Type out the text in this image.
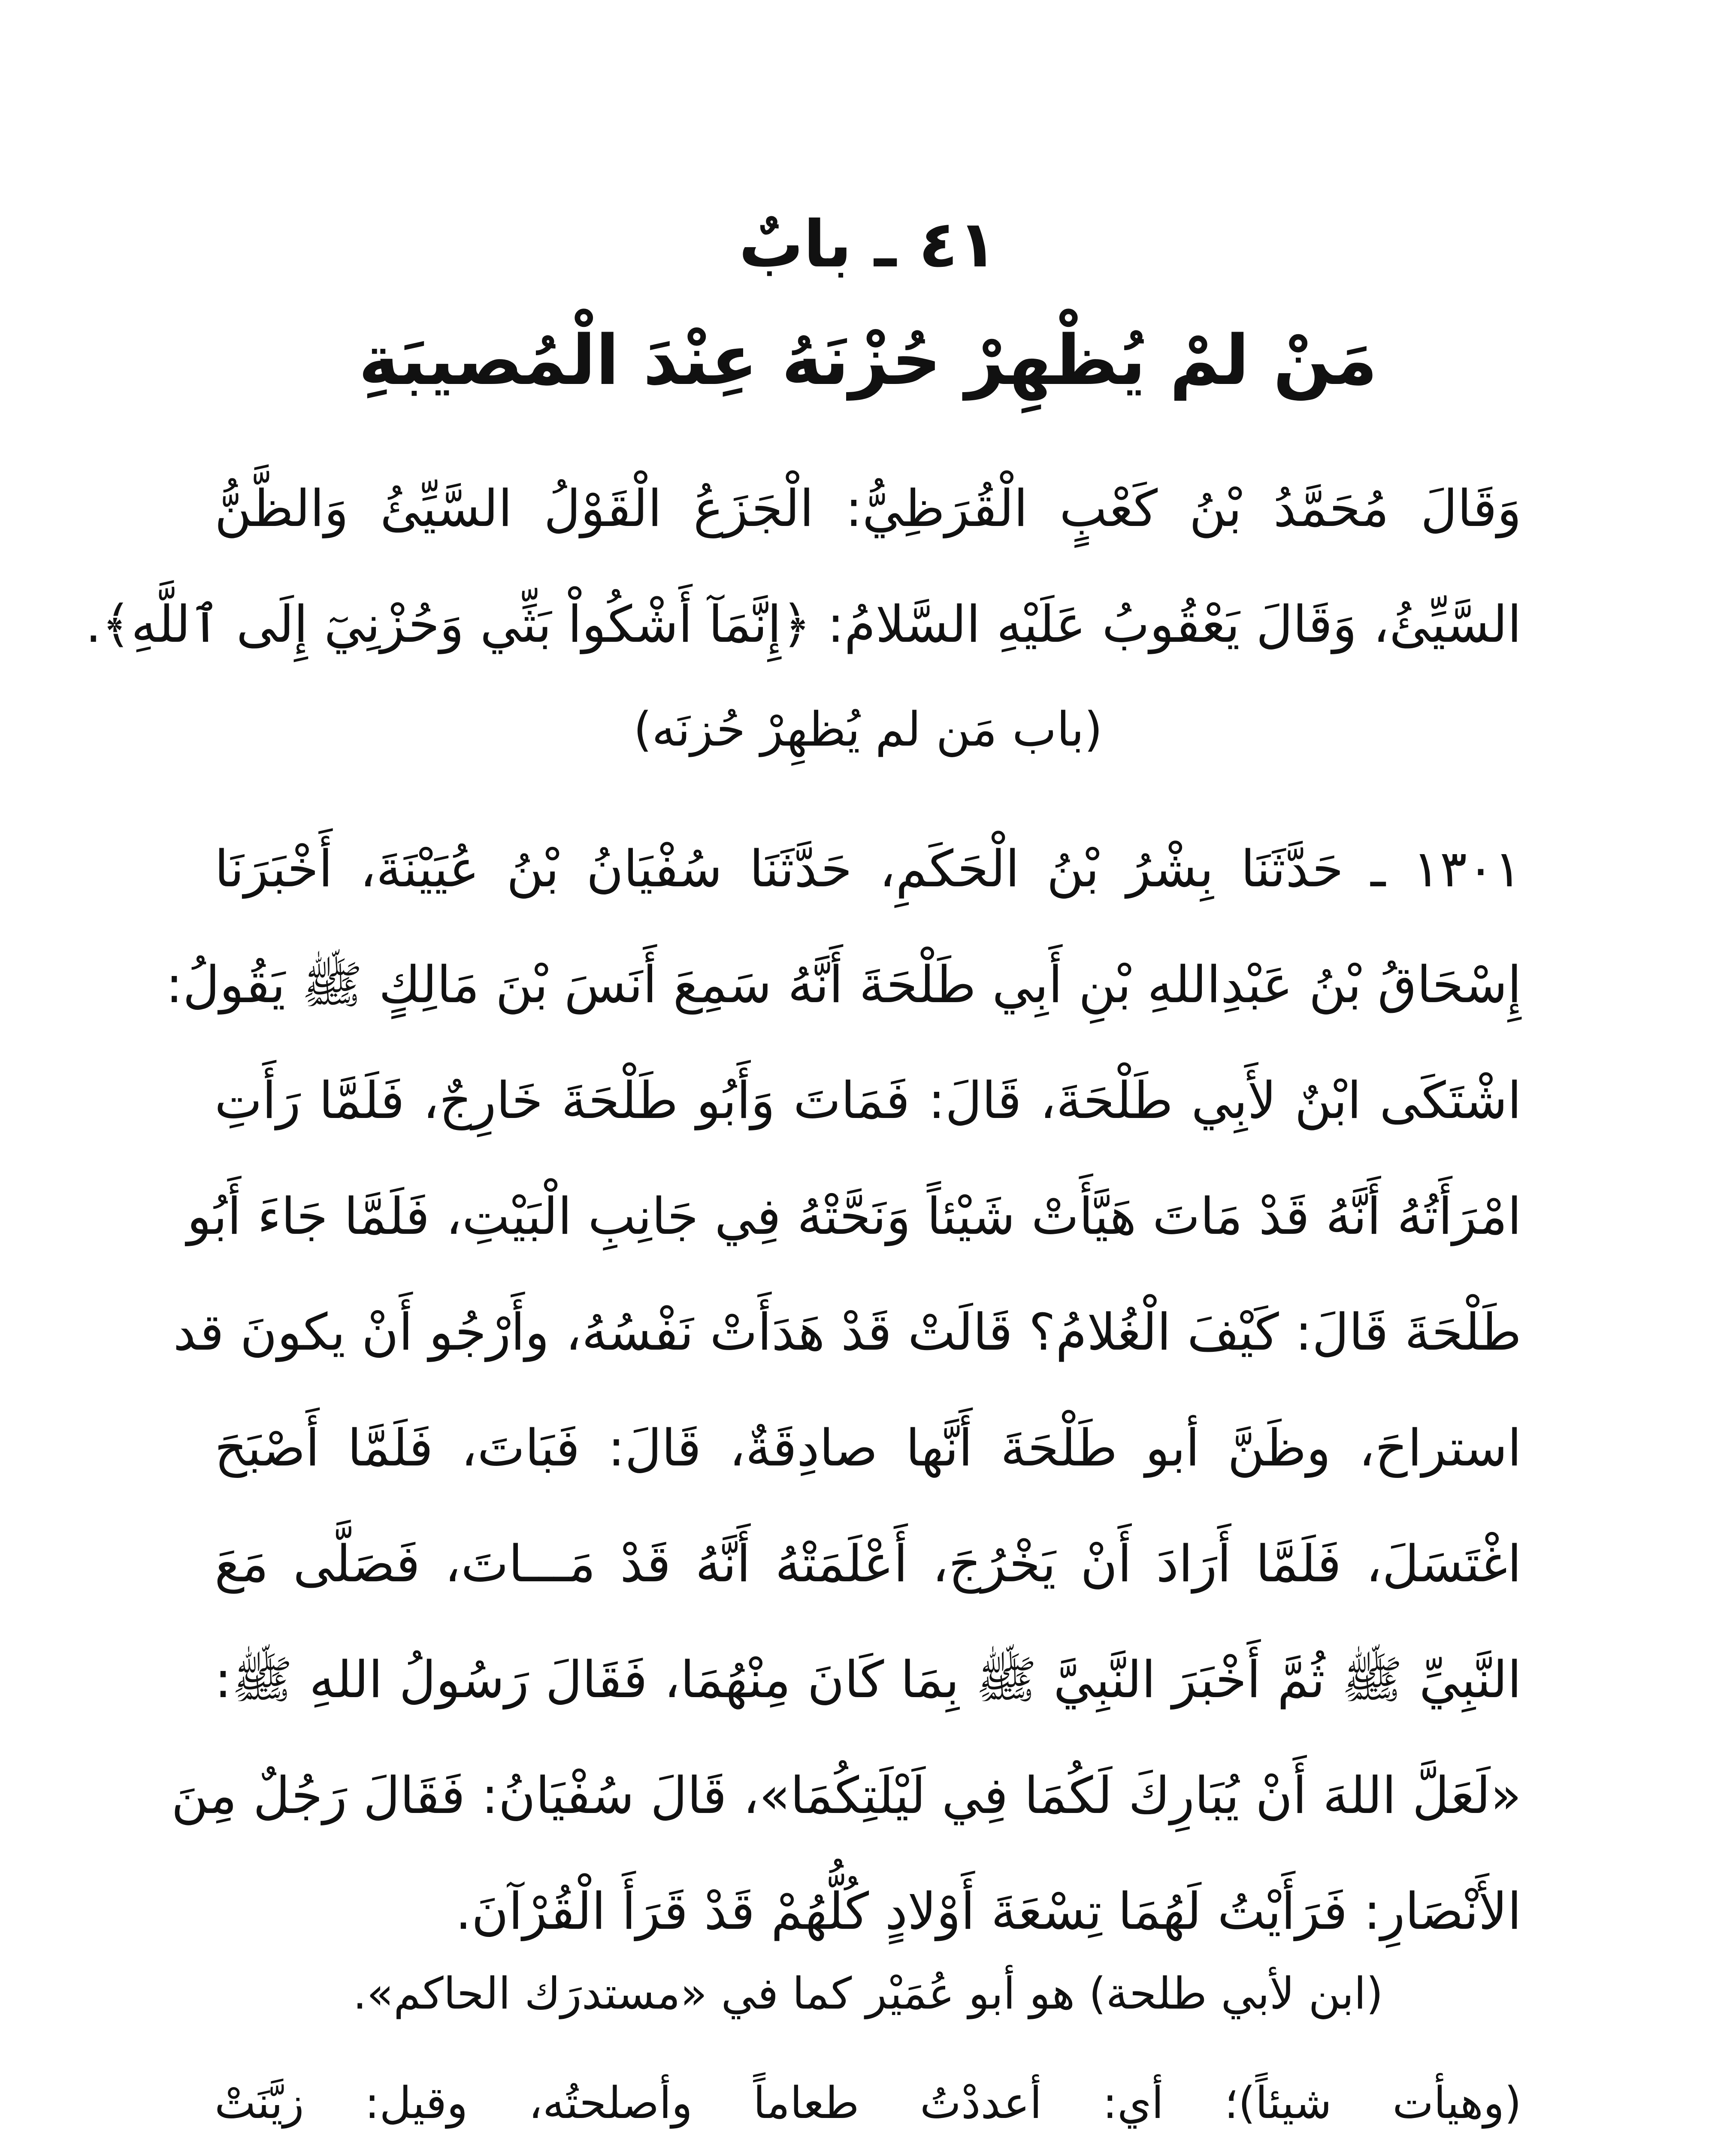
٤١ ـ بابٌ
مَنْ لمْ يُظْهِرْ حُزْنَهُ عِنْدَ الْمُصيبَةِ
وَقَالَ مُحَمَّدُ بْنُ كَعْبٍ الْقُرَظِيُّ: الْجَزَعُ الْقَوْلُ السَّيِّئُ وَالظَّنُّ
السَّيِّئُ، وَقَالَ يَعْقُوبُ عَلَيْهِ السَّلامُ: ﴿إِنَّمَآ أَشْكُواْ بَثِّي وَحُزْنِيٓ إِلَى ٱللَّهِ﴾.
(باب مَن لم يُظهِرْ حُزنَه)
١٣٠١ ـ حَدَّثَنَا بِشْرُ بْنُ الْحَكَمِ، حَدَّثَنَا سُفْيَانُ بْنُ عُيَيْنَةَ، أَخْبَرَنَا
إِسْحَاقُ بْنُ عَبْدِاللهِ بْنِ أَبِي طَلْحَةَ أَنَّهُ سَمِعَ أَنَسَ بْنَ مَالِكٍ ﷺ يَقُولُ:
اشْتَكَى ابْنٌ لأَبِي طَلْحَةَ، قَالَ: فَمَاتَ وَأَبُو طَلْحَةَ خَارِجٌ، فَلَمَّا رَأَتِ
امْرَأَتُهُ أَنَّهُ قَدْ مَاتَ هَيَّأَتْ شَيْئاً وَنَحَّتْهُ فِي جَانِبِ الْبَيْتِ، فَلَمَّا جَاءَ أَبُو
طَلْحَةَ قَالَ: كَيْفَ الْغُلامُ؟ قَالَتْ قَدْ هَدَأَتْ نَفْسُهُ، وأَرْجُو أَنْ يكونَ قد
استراحَ، وظَنَّ أبو طَلْحَةَ أَنَّها صادِقَةٌ، قَالَ: فَبَاتَ، فَلَمَّا أَصْبَحَ
اغْتَسَلَ، فَلَمَّا أَرَادَ أَنْ يَخْرُجَ، أَعْلَمَتْهُ أَنَّهُ قَدْ مَـــاتَ، فَصَلَّى مَعَ
النَّبِيِّ ﷺ ثُمَّ أَخْبَرَ النَّبِيَّ ﷺ بِمَا كَانَ مِنْهُمَا، فَقَالَ رَسُولُ اللهِ ﷺ:
«لَعَلَّ اللهَ أَنْ يُبَارِكَ لَكُمَا فِي لَيْلَتِكُمَا»، قَالَ سُفْيَانُ: فَقَالَ رَجُلٌ مِنَ
الأَنْصَارِ: فَرَأَيْتُ لَهُمَا تِسْعَةَ أَوْلادٍ كُلُّهُمْ قَدْ قَرَأَ الْقُرْآنَ.
(ابن لأبي طلحة) هو أبو عُمَيْر كما في «مستدرَك الحاكم».
(وهيأت شيئاً)؛ أي: أعددْتُ طعاماً وأصلحتُه، وقيل: زيَّنَتْ
